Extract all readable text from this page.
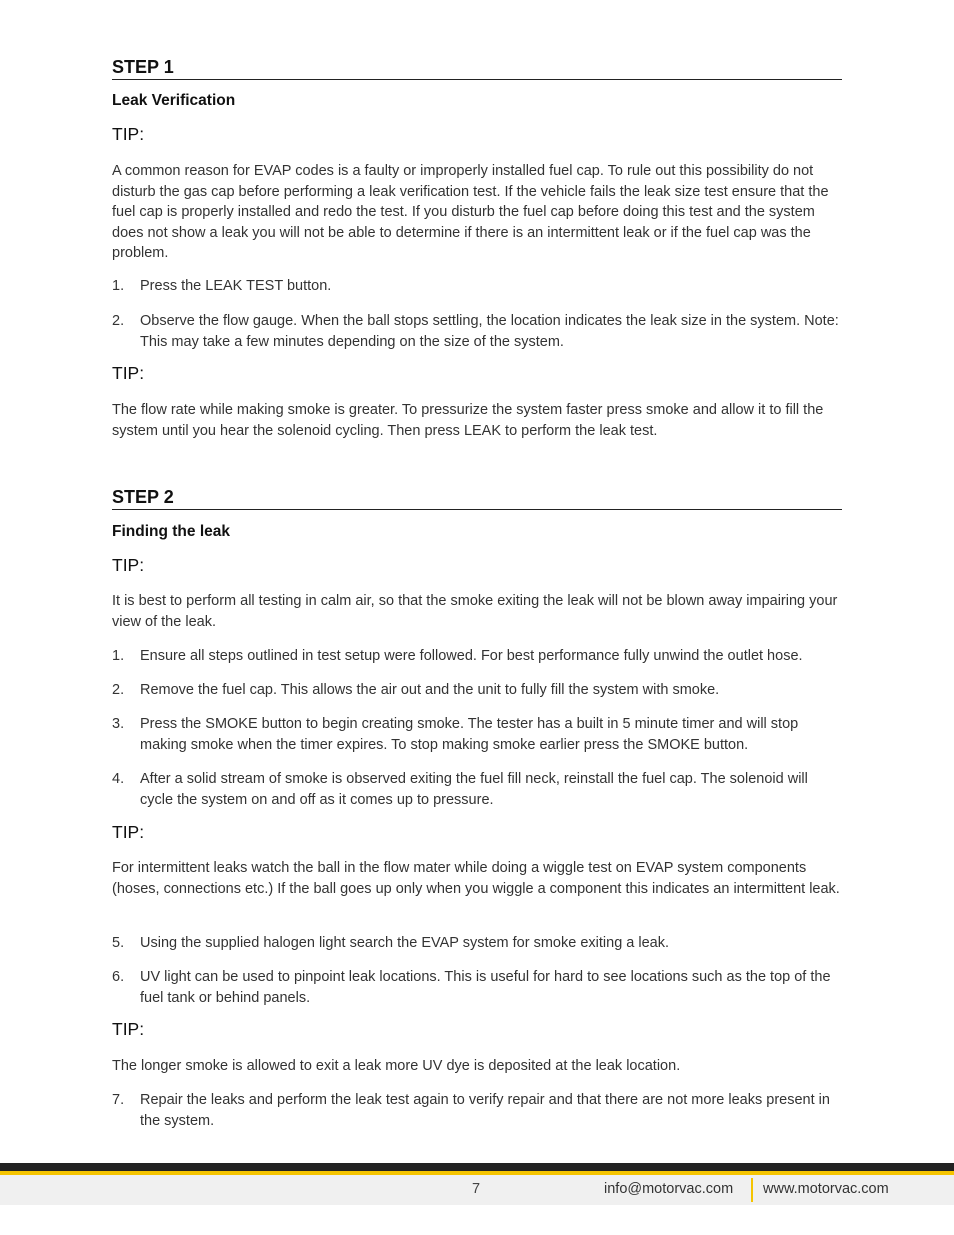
STEP 1
Leak Verification
TIP:
A common reason for EVAP codes is a faulty or improperly installed fuel cap. To rule out this possibility do not disturb the gas cap before performing a leak verification test. If the vehicle fails the leak size test ensure that the fuel cap is properly installed and redo the test. If you disturb the fuel cap before doing this test and the system does not show a leak you will not be able to determine if there is an intermittent leak or if the fuel cap was the problem.
1.	Press the LEAK TEST button.
2.	Observe the flow gauge. When the ball stops settling, the location indicates the leak size in the system. Note: This may take a few minutes depending on the size of the system.
TIP:
The flow rate while making smoke is greater. To pressurize the system faster press smoke and allow it to fill the system until you hear the solenoid cycling. Then press LEAK to perform the leak test.
STEP 2
Finding the leak
TIP:
It is best to perform all testing in calm air, so that the smoke exiting the leak will not be blown away impairing your view of the leak.
1.	Ensure all steps outlined in test setup were followed. For best performance fully unwind the outlet hose.
2.	Remove the fuel cap. This allows the air out and the unit to fully fill the system with smoke.
3.	Press the SMOKE button to begin creating smoke. The tester has a built in 5 minute timer and will stop making smoke when the timer expires. To stop making smoke earlier press the SMOKE button.
4.	After a solid stream of smoke is observed exiting the fuel fill neck, reinstall the fuel cap. The solenoid will cycle the system on and off as it comes up to pressure.
TIP:
For intermittent leaks watch the ball in the flow mater while doing a wiggle test on EVAP system components (hoses, connections etc.) If the ball goes up only when you wiggle a component this indicates an intermittent leak.
5.	Using the supplied halogen light search the EVAP system for smoke exiting a leak.
6.	UV light can be used to pinpoint leak locations. This is useful for hard to see locations such as the top of the fuel tank or behind panels.
TIP:
The longer smoke is allowed to exit a leak more UV dye is deposited at the leak location.
7.	Repair the leaks and perform the leak test again to verify repair and that there are not more leaks present in the system.
7	info@motorvac.com www.motorvac.com
